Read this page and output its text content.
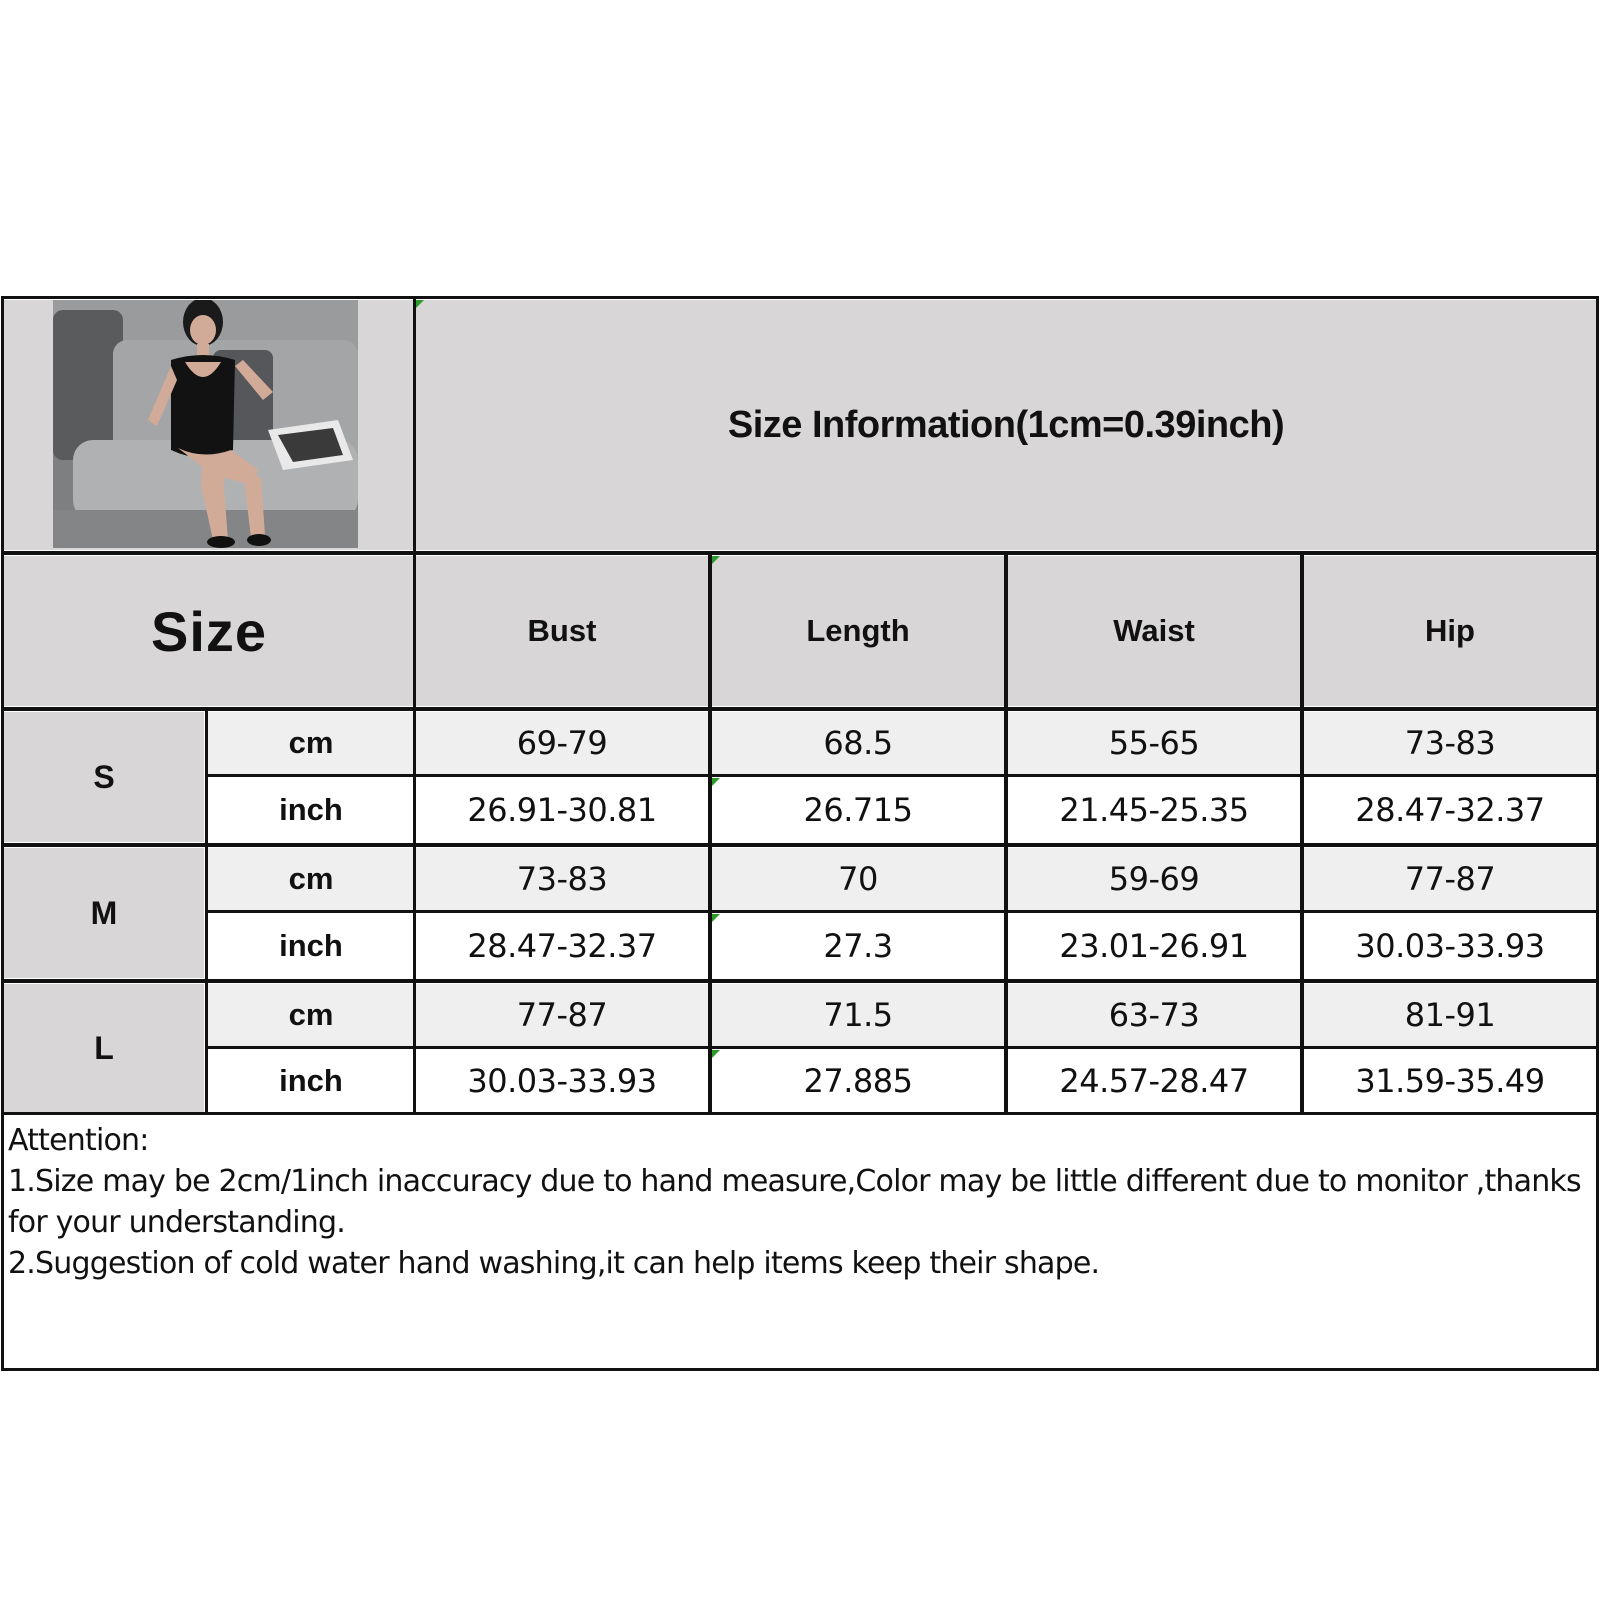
Size Information(1cm=0.39inch)
Size	Bust	Length	Waist	Hip
S
cm	69-79	68.5	55-65	73-83
inch	26.91-30.81	26.715	21.45-25.35	28.47-32.37
M
cm	73-83	70	59-69	77-87
inch	28.47-32.37	27.3	23.01-26.91	30.03-33.93
L
cm	77-87	71.5	63-73	81-91
inch	30.03-33.93	27.885	24.57-28.47	31.59-35.49
Attention:
1.Size may be 2cm/1inch inaccuracy due to hand measure,Color may be little different due to monitor ,thanks for your understanding.
2.Suggestion of cold water hand washing,it can help items keep their shape.
